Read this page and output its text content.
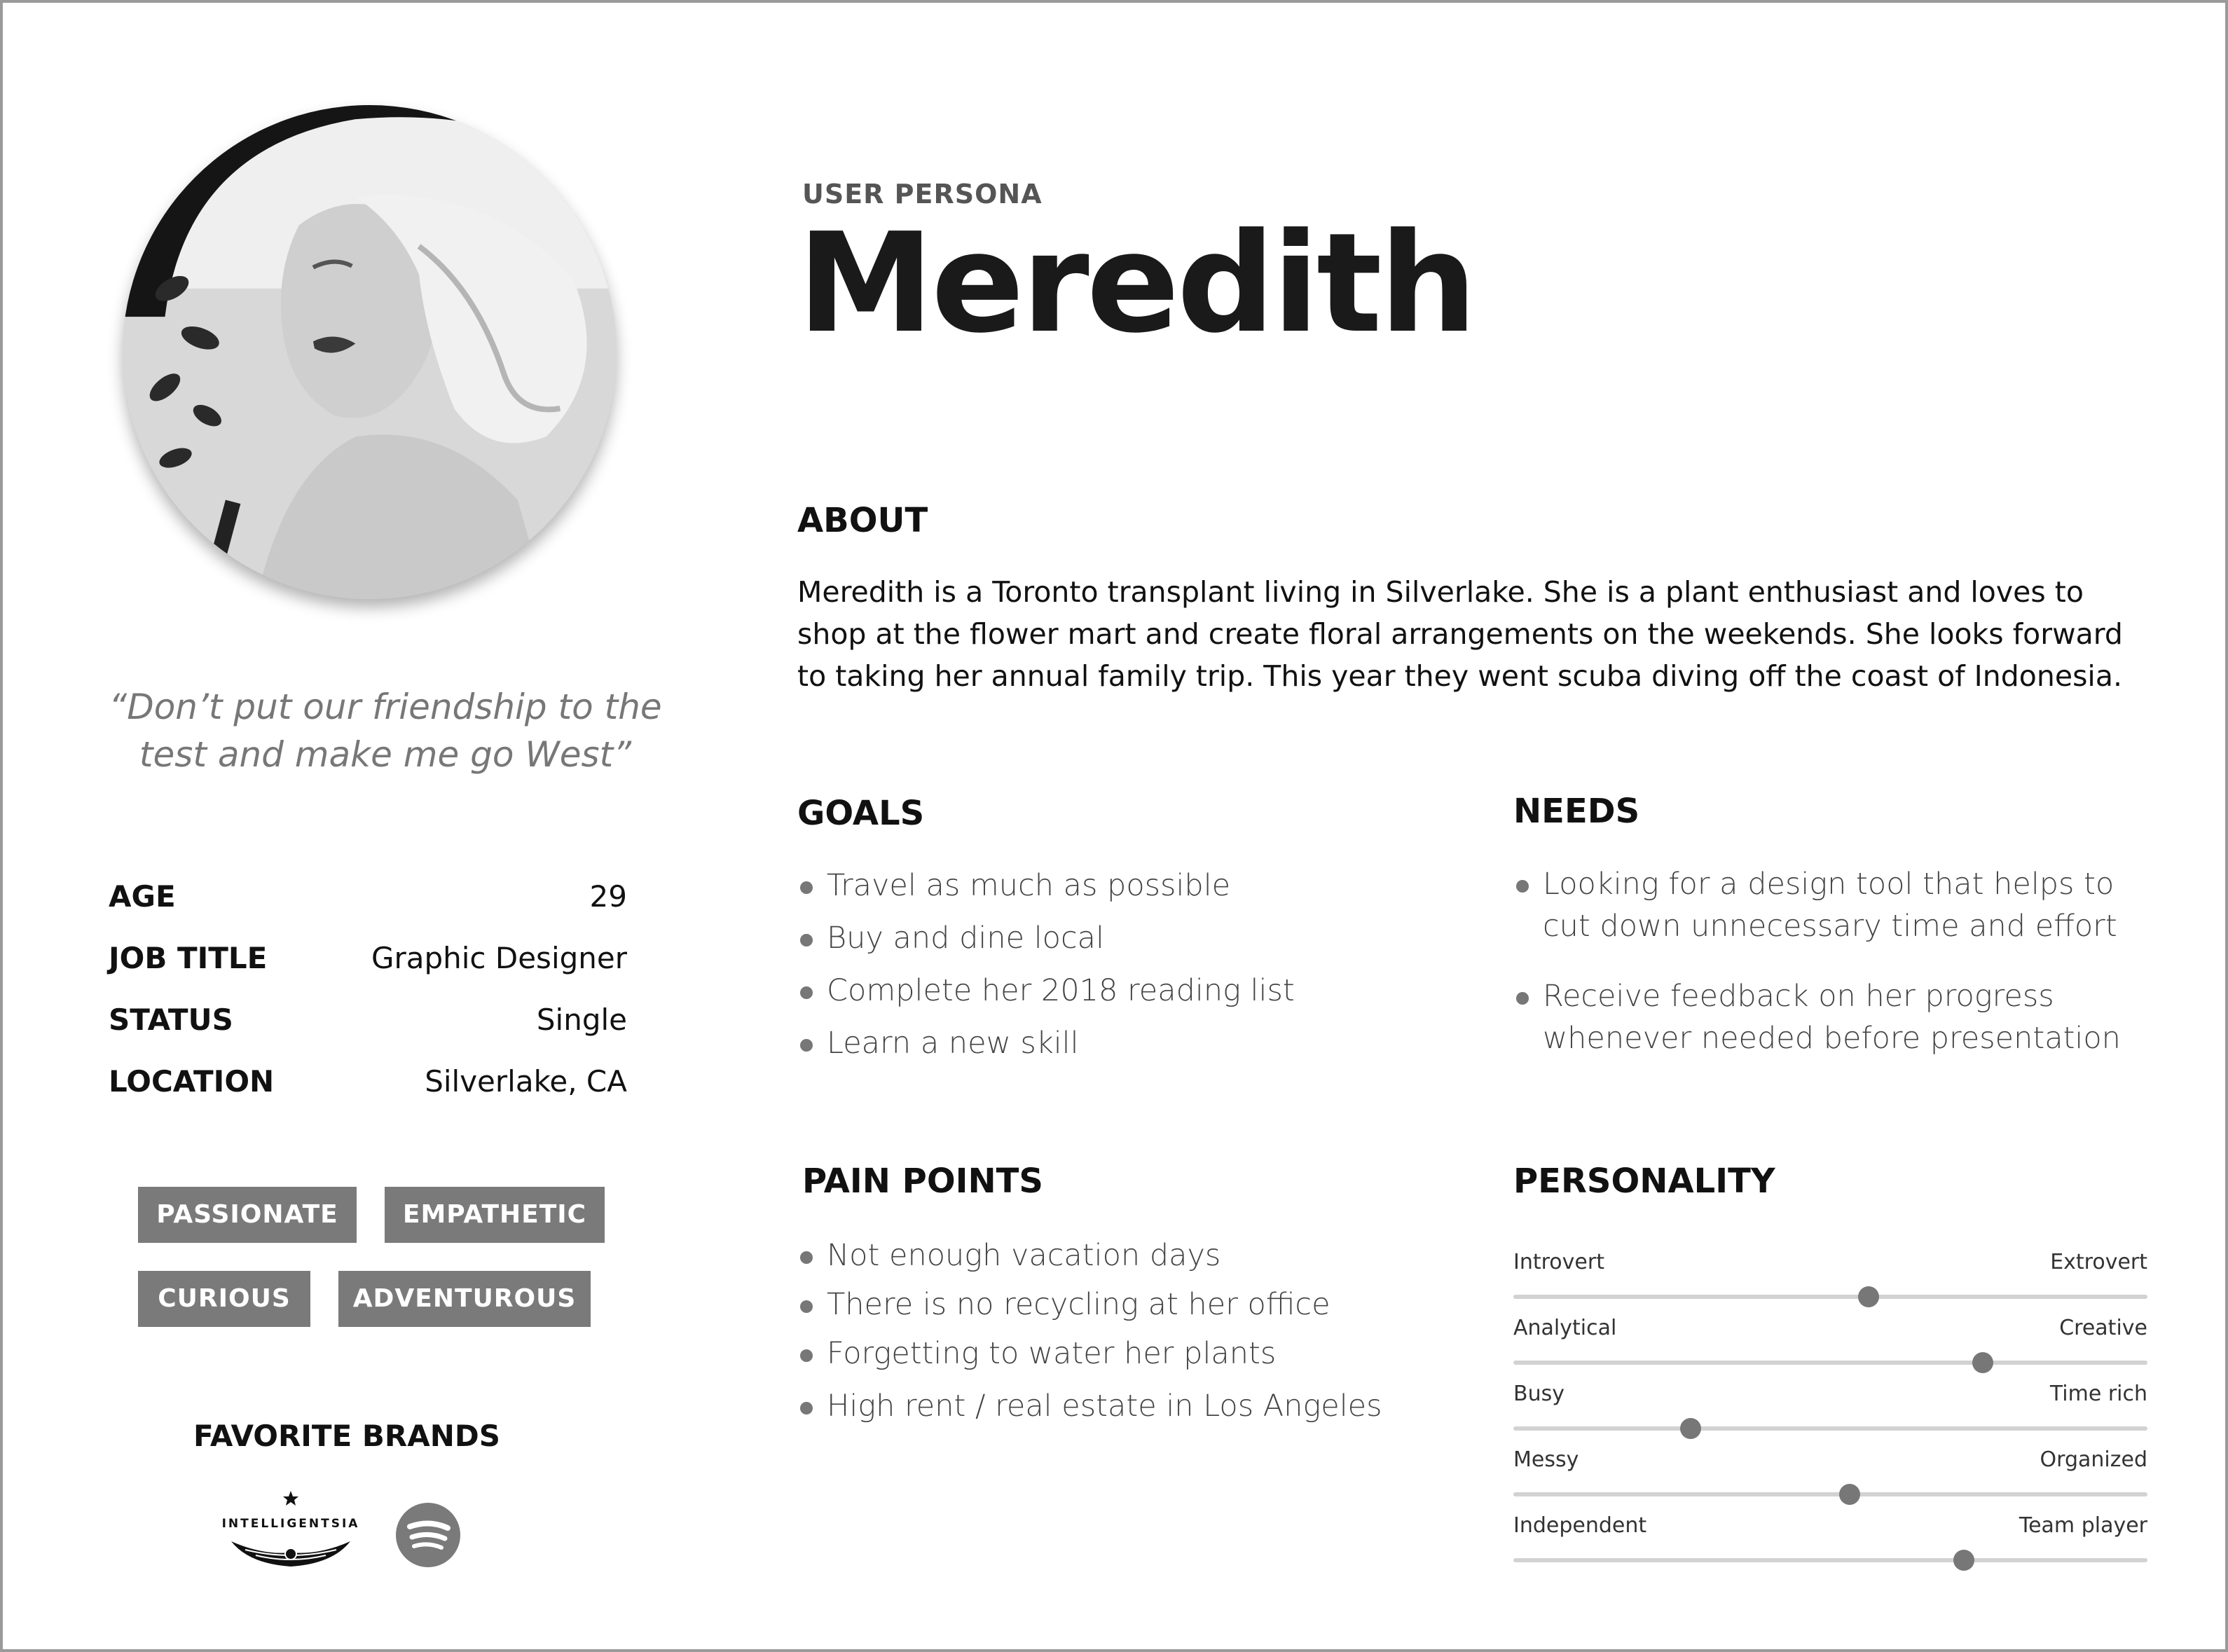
“Don’t put our friendship to the test and make me go West”
AGE	29
JOB TITLE	Graphic Designer
STATUS	Single
LOCATION	Silverlake, CA
PASSIONATE	EMPATHETIC
CURIOUS	ADVENTUROUS
FAVORITE BRANDS
INTELLIGENTSIA
USER PERSONA
Meredith
ABOUT
Meredith is a Toronto transplant living in Silverlake. She is a plant enthusiast and loves to shop at the flower mart and create floral arrangements on the weekends. She looks forward to taking her annual family trip. This year they went scuba diving off the coast of Indonesia.
GOALS
Travel as much as possible
Buy and dine local
Complete her 2018 reading list
Learn a new skill
NEEDS
Looking for a design tool that helps to cut down unnecessary time and effort
Receive feedback on her progress whenever needed before presentation
PAIN POINTS
Not enough vacation days
There is no recycling at her office
Forgetting to water her plants
High rent / real estate in Los Angeles
PERSONALITY
Introvert	Extrovert
Analytical	Creative
Busy	Time rich
Messy	Organized
Independent	Team player
